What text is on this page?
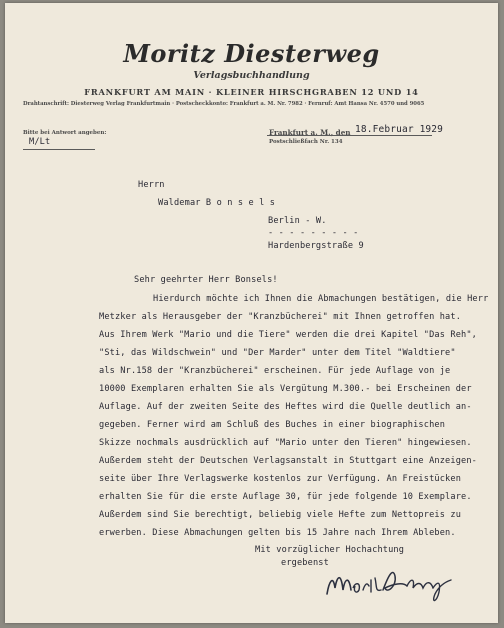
Moritz Diesterweg
Verlagsbuchhandlung
FRANKFURT AM MAIN · KLEINER HIRSCHGRABEN 12 UND 14
Drahtanschrift: Diesterweg Verlag Frankfurtmain · Postscheckkonto: Frankfurt a. M. Nr. 7982 · Fernruf: Amt Hansa Nr. 4570 und 9065
Bitte bei Antwort angeben:
M/Lt
Frankfurt a. M., den 18.Februar 1929
Postschließfach Nr. 134
Herrn
Waldemar B o n s e l s
Berlin - W.
- - - - - - - - -
Hardenbergstraße 9
Sehr geehrter Herr Bonsels!
Hierdurch möchte ich Ihnen die Abmachungen bestätigen, die Herr
Metzker als Herausgeber der "Kranzbücherei" mit Ihnen getroffen hat.
Aus Ihrem Werk "Mario und die Tiere" werden die drei Kapitel "Das Reh",
"Sti, das Wildschwein" und "Der Marder" unter dem Titel "Waldtiere"
als Nr.158 der "Kranzbücherei" erscheinen. Für jede Auflage von je
10000 Exemplaren erhalten Sie als Vergütung M.300.- bei Erscheinen der
Auflage. Auf der zweiten Seite des Heftes wird die Quelle deutlich an-
gegeben. Ferner wird am Schluß des Buches in einer biographischen
Skizze nochmals ausdrücklich auf "Mario unter den Tieren" hingewiesen.
Außerdem steht der Deutschen Verlagsanstalt in Stuttgart eine Anzeigen-
seite über Ihre Verlagswerke kostenlos zur Verfügung. An Freistücken
erhalten Sie für die erste Auflage 30, für jede folgende 10 Exemplare.
Außerdem sind Sie berechtigt, beliebig viele Hefte zum Nettopreis zu
erwerben. Diese Abmachungen gelten bis 15 Jahre nach Ihrem Ableben.
Mit vorzüglicher Hochachtung
ergebenst
